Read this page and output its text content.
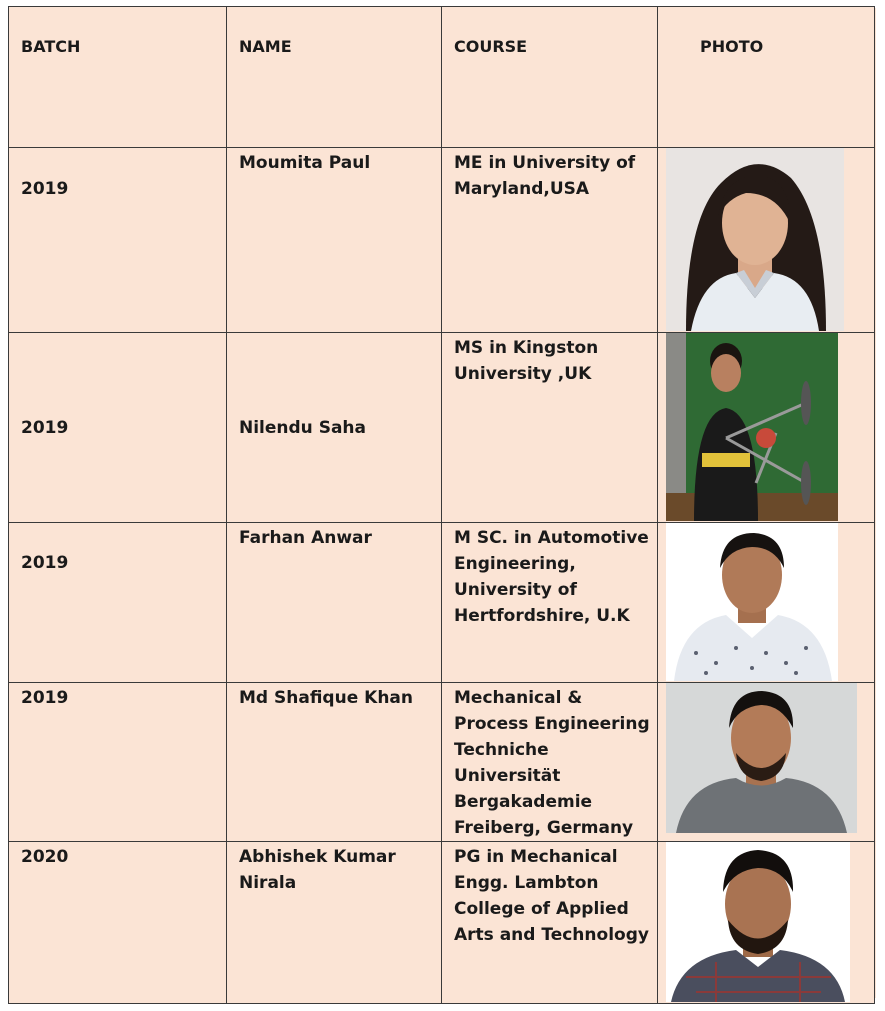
BATCH	NAME	COURSE	PHOTO
2019	Moumita Paul	ME in University of Maryland,USA	

2019	Nilendu Saha	MS in Kingston University ,UK	

2019	Farhan Anwar	M SC. in Automotive Engineering, University of Hertfordshire, U.K	

2019	Md Shafique Khan	Mechanical & Process Engineering Techniche Universität Bergakademie Freiberg, Germany	

2020	Abhishek Kumar Nirala	PG in Mechanical Engg. Lambton College of Applied Arts and Technology	
